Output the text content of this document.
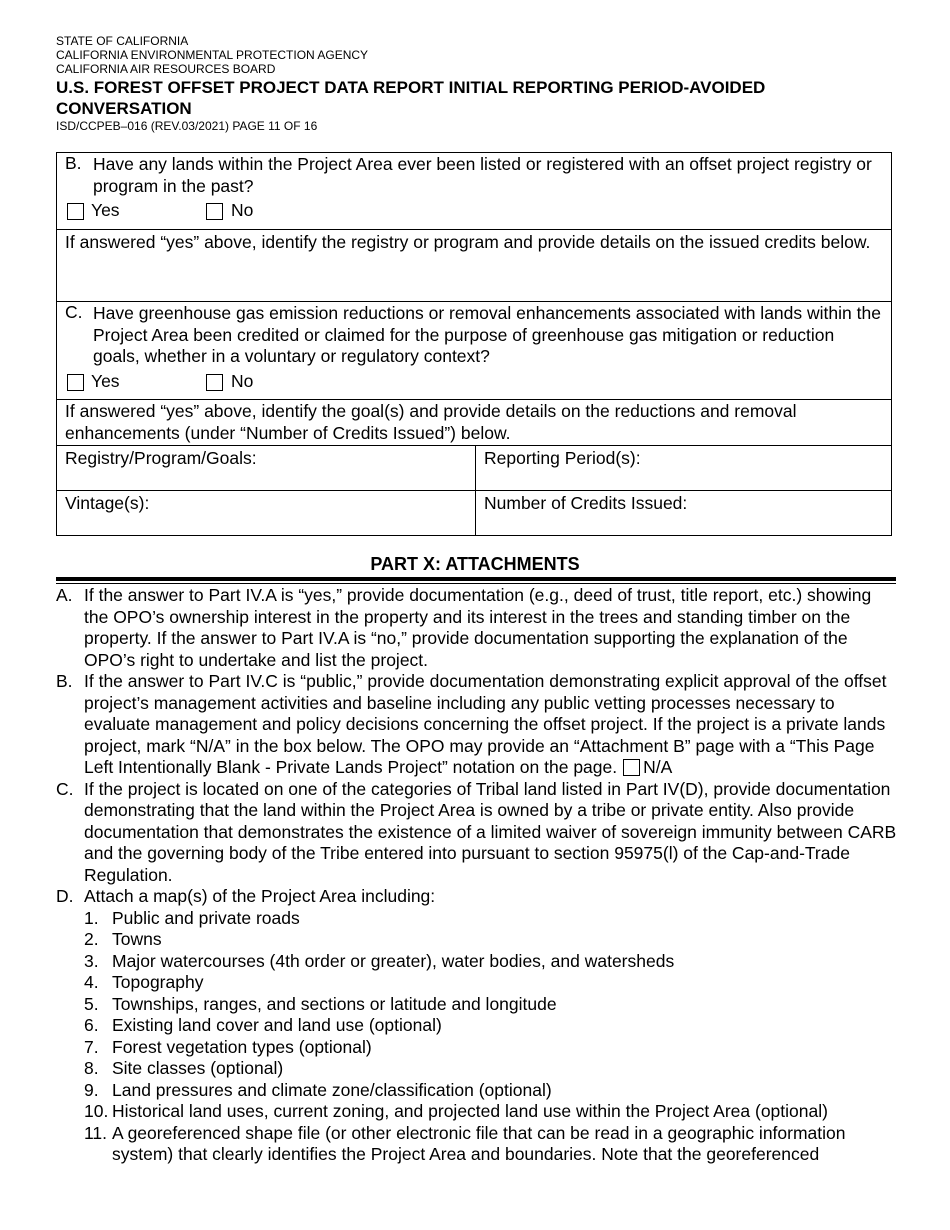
STATE OF CALIFORNIA
CALIFORNIA ENVIRONMENTAL PROTECTION AGENCY
CALIFORNIA AIR RESOURCES BOARD
U.S. FOREST OFFSET PROJECT DATA REPORT INITIAL REPORTING PERIOD-AVOIDED CONVERSATION
ISD/CCPEB–016 (REV.03/2021) PAGE 11 OF 16
B. Have any lands within the Project Area ever been listed or registered with an offset project registry or program in the past?
Yes	No
If answered “yes” above, identify the registry or program and provide details on the issued credits below.
C. Have greenhouse gas emission reductions or removal enhancements associated with lands within the Project Area been credited or claimed for the purpose of greenhouse gas mitigation or reduction goals, whether in a voluntary or regulatory context?
Yes	No
If answered “yes” above, identify the goal(s) and provide details on the reductions and removal enhancements (under “Number of Credits Issued”) below.
Registry/Program/Goals:	Reporting Period(s):
Vintage(s):	Number of Credits Issued:
PART X: ATTACHMENTS
A. If the answer to Part IV.A is “yes,” provide documentation (e.g., deed of trust, title report, etc.) showing the OPO’s ownership interest in the property and its interest in the trees and standing timber on the property. If the answer to Part IV.A is “no,” provide documentation supporting the explanation of the OPO’s right to undertake and list the project.
B. If the answer to Part IV.C is “public,” provide documentation demonstrating explicit approval of the offset project’s management activities and baseline including any public vetting processes necessary to evaluate management and policy decisions concerning the offset project. If the project is a private lands project, mark “N/A” in the box below. The OPO may provide an “Attachment B” page with a “This Page Left Intentionally Blank - Private Lands Project” notation on the page. N/A
C. If the project is located on one of the categories of Tribal land listed in Part IV(D), provide documentation demonstrating that the land within the Project Area is owned by a tribe or private entity. Also provide documentation that demonstrates the existence of a limited waiver of sovereign immunity between CARB and the governing body of the Tribe entered into pursuant to section 95975(l) of the Cap-and-Trade Regulation.
D. Attach a map(s) of the Project Area including:
1. Public and private roads
2. Towns
3. Major watercourses (4th order or greater), water bodies, and watersheds
4. Topography
5. Townships, ranges, and sections or latitude and longitude
6. Existing land cover and land use (optional)
7. Forest vegetation types (optional)
8. Site classes (optional)
9. Land pressures and climate zone/classification (optional)
10. Historical land uses, current zoning, and projected land use within the Project Area (optional)
11. A georeferenced shape file (or other electronic file that can be read in a geographic information system) that clearly identifies the Project Area and boundaries. Note that the georeferenced
